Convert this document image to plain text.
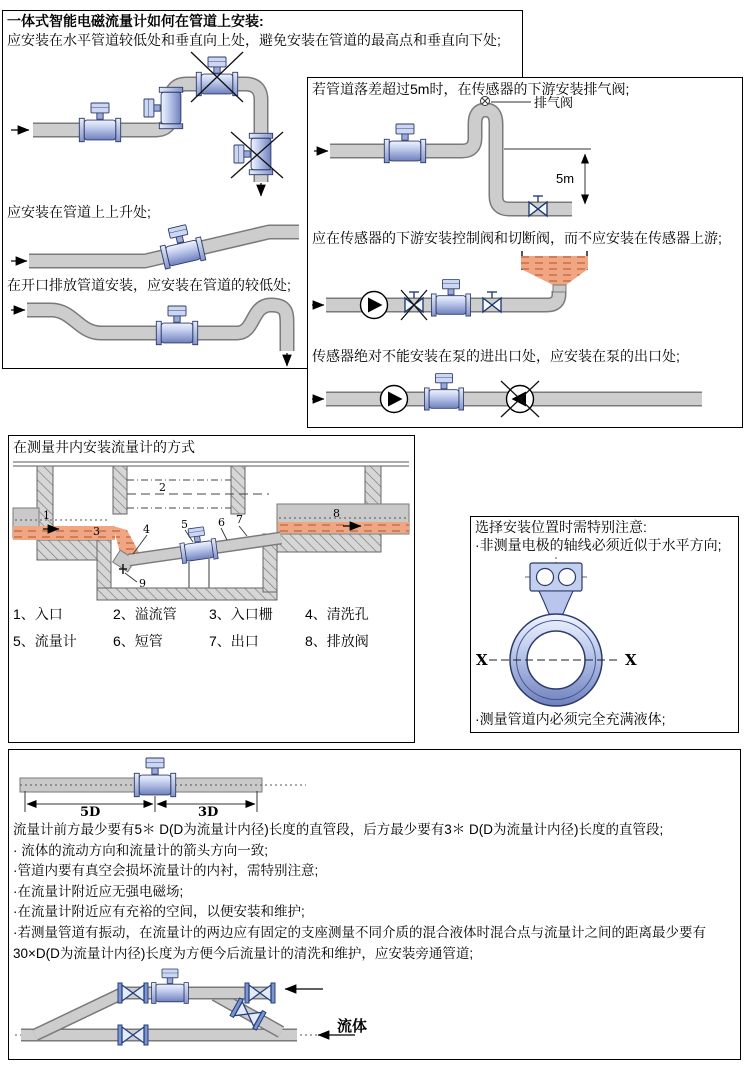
一体式智能电磁流量计如何在管道上安装:
应安装在水平管道较低处和垂直向上处，避免安装在管道的最高点和垂直向下处;
应安装在管道上上升处;
在开口排放管道安装，应安装在管道的较低处;
若管道落差超过5m时，在传感器的下游安装排气阀;
排气阀
5m
应在传感器的下游安装控制阀和切断阀，而不应安装在传感器上游;
传感器绝对不能安装在泵的进出口处，应安装在泵的出口处;
在测量井内安装流量计的方式
1
2
3	4	5	6 7	8
9
1、入口	2、溢流管	3、入口栅	4、清洗孔
5、流量计	6、短管	7、出口	8、排放阀
选择安装位置时需特别注意:
·非测量电极的轴线必须近似于水平方向;
X	X
·测量管道内必须完全充满液体;
5D	3D
流量计前方最少要有5＊ D(D为流量计内径)长度的直管段，后方最少要有3＊ D(D为流量计内径)长度的直管段;
· 流体的流动方向和流量计的箭头方向一致;
·管道内要有真空会损坏流量计的内衬，需特别注意;
·在流量计附近应无强电磁场;
·在流量计附近应有充裕的空间，以便安装和维护;
·若测量管道有振动，在流量计的两边应有固定的支座测量不同介质的混合液体时混合点与流量计之间的距离最少要有
30×D(D为流量计内径)长度为方便今后流量计的清洗和维护，应安装旁通管道;
流体
